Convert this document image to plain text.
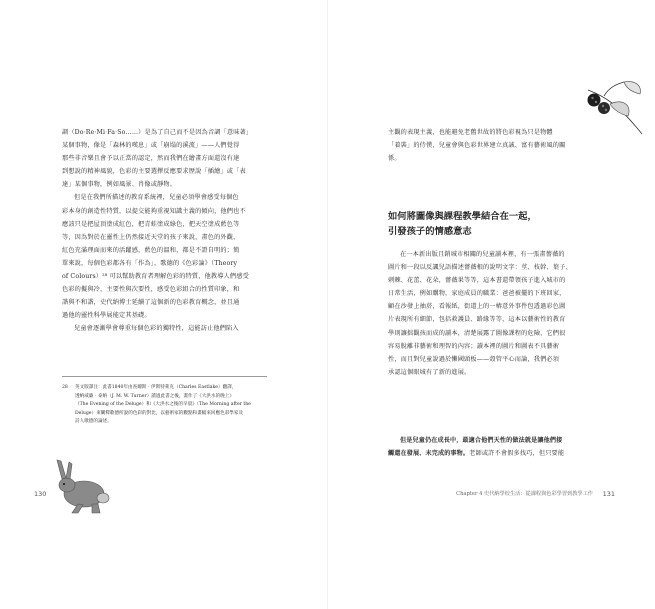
調（Do‧Re‧Mi‧Fa‧So……）是為了自己而不是因為音調「意味著」
某個事物，像是「森林的嘆息」或「崩塌的溪流」——人們覺得
那些非音樂且會予以正當的認定，然而我們在繪畫方面還沒有達
到想說的精神風貌，色彩的主要選擇反應要求歷說「插繪」或「表
達」某個事物，例如風景、肖像或靜物。
但是在我們所描述的教育系統裡，兒童必須學會感受每個色
彩本身的創造性特質，以提交能夠重視知識主義的傾向，他們也不
應該只是把屋頂塗成紅色，把青蛙塗成綠色，把天空塗成藍色等
等，因為對於在靈性上仍然接近天堂的孩子來說，畫色的外觀，
紅色充滿理面而來的活躍感，藍色的溫和，都是不證自明的；簡
單來說，每個色彩都各有「作為」，歌德的《色彩論》（Theory
of Colours）²⁸ 可以幫助教育者理解色彩的特質，他教導人們感受
色彩的擬與冷，主要性與次要性，感受色彩組合的性質印象，和
諧與不和諧，史代納博士延續了這個新的色彩教育概念，並且通
過他的靈性科學展能定其基礎。
兒童會逐漸學會尊重每個色彩的獨特性，這能訪止他們陷入
28 英文版譯注：此書1840年由查爾斯‧伊斯特萊克（Charles Eastlake）翻譯，
透納威廉‧泰納（J. M. W. Turner）讀過此書之後，畫作了《大洪水的晚上》
（The Evening of the Deluge）和《大洪水之後的早晨》（The Morning after the
Deluge）來闡釋歌德所說的色彩的對比，以藝術家的觀點和畫幅來回應色彩學家及
詩人歌德的論述。
130
主觀的表現主義，也能避免老舊世故的將色彩視為只是物體
「着裝」的侍僕，兒童會與色彩世界建立真誠、富有藝術風的關
係。
如何將圖像與課程教學結合在一起，
引發孩子的情感意志
在一本新出版且銷城市相關的兒童讀本裡，有一張畫薔薇的
圖片和一段以反諷兒語描述薔薇根的說明文字：莖、枝幹、葉子、
刺棘、花蕾、花朵，薔薇果等等，這本書還帶領孩子進入城市的
日常生活，例如購物，家庭成員的職業：爸爸被擺的下班回家，
顧在沙發上抽菸，看報紙，街道上的一樁意外事件包透過彩色圖
片表現所有細節，包括救護員、路緣等等，這本以藝術性的教育
學則讓拙觀孩而成的讀本，清楚展露了圖像課程的危險，它們很
容易脫離非藝術和理智的內容；讀本裡的圖片和圖表不具藝術
性，而且對兒童說過於懶國頭板——殼管平心而論，我們必須
承認這個眼城有了新的進展。
但是兒童仍在成長中，最適合他們天性的做法就是讓他們接
觸還在發展、未完成的事物。老師或許不會假多找巧，但只要能
Chapter 4 史代納學校生活：從課程與色彩學習到教學工作 131
